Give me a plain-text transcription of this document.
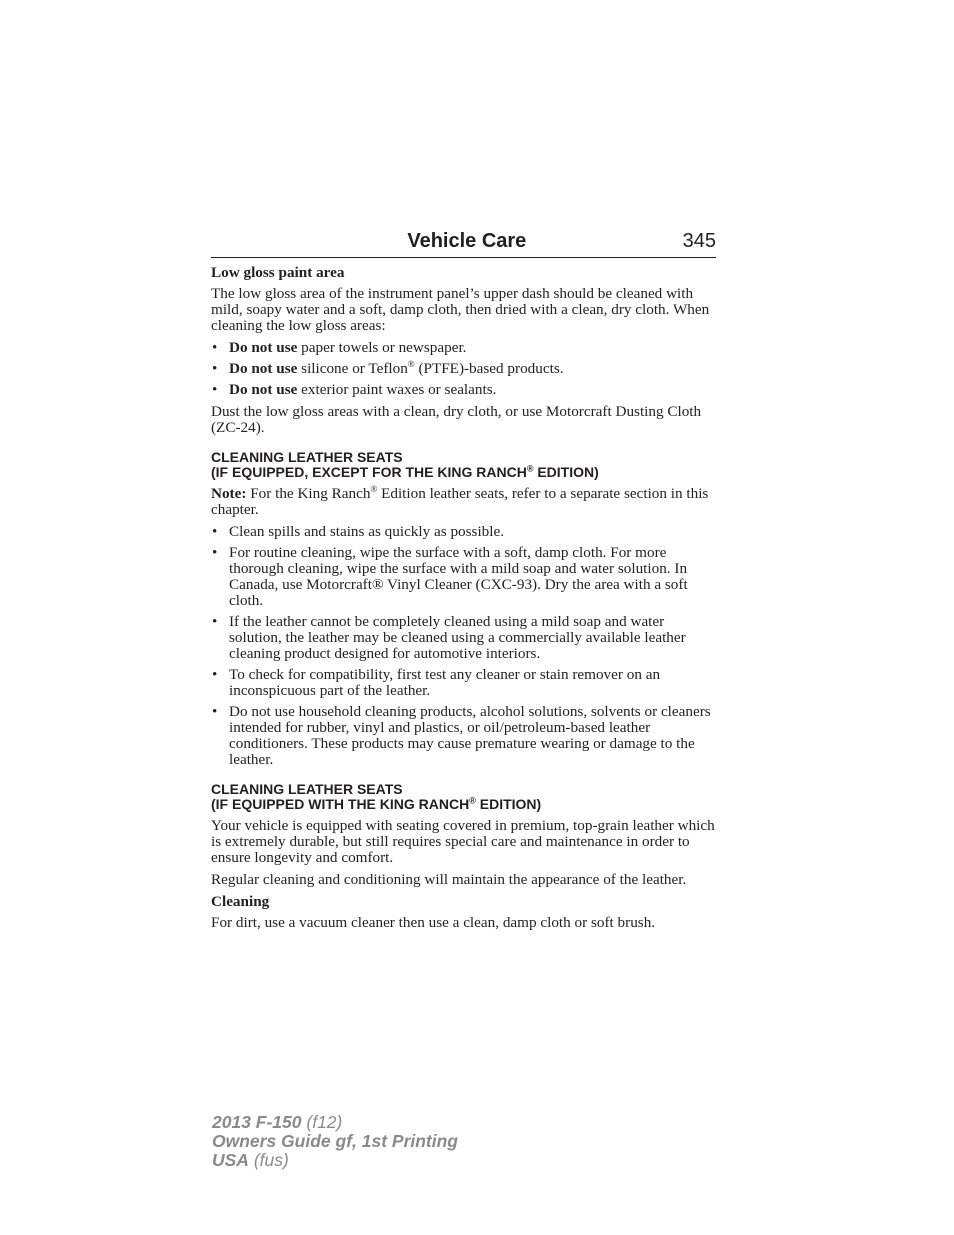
Vehicle Care	345

Low gloss paint area

The low gloss area of the instrument panel’s upper dash should be cleaned with mild, soapy water and a soft, damp cloth, then dried with a clean, dry cloth. When cleaning the low gloss areas:

• Do not use paper towels or newspaper.
• Do not use silicone or Teflon® (PTFE)-based products.
• Do not use exterior paint waxes or sealants.

Dust the low gloss areas with a clean, dry cloth, or use Motorcraft Dusting Cloth (ZC-24).

CLEANING LEATHER SEATS
(IF EQUIPPED, EXCEPT FOR THE KING RANCH® EDITION)

Note: For the King Ranch® Edition leather seats, refer to a separate section in this chapter.

• Clean spills and stains as quickly as possible.
• For routine cleaning, wipe the surface with a soft, damp cloth. For more thorough cleaning, wipe the surface with a mild soap and water solution. In Canada, use Motorcraft® Vinyl Cleaner (CXC-93). Dry the area with a soft cloth.
• If the leather cannot be completely cleaned using a mild soap and water solution, the leather may be cleaned using a commercially available leather cleaning product designed for automotive interiors.
• To check for compatibility, first test any cleaner or stain remover on an inconspicuous part of the leather.
• Do not use household cleaning products, alcohol solutions, solvents or cleaners intended for rubber, vinyl and plastics, or oil/petroleum-based leather conditioners. These products may cause premature wearing or damage to the leather.
CLEANING LEATHER SEATS
(IF EQUIPPED WITH THE KING RANCH® EDITION)

Your vehicle is equipped with seating covered in premium, top-grain leather which is extremely durable, but still requires special care and maintenance in order to ensure longevity and comfort.

Regular cleaning and conditioning will maintain the appearance of the leather.

Cleaning

For dirt, use a vacuum cleaner then use a clean, damp cloth or soft brush.

2013 F-150 (f12)
Owners Guide gf, 1st Printing
USA (fus)
